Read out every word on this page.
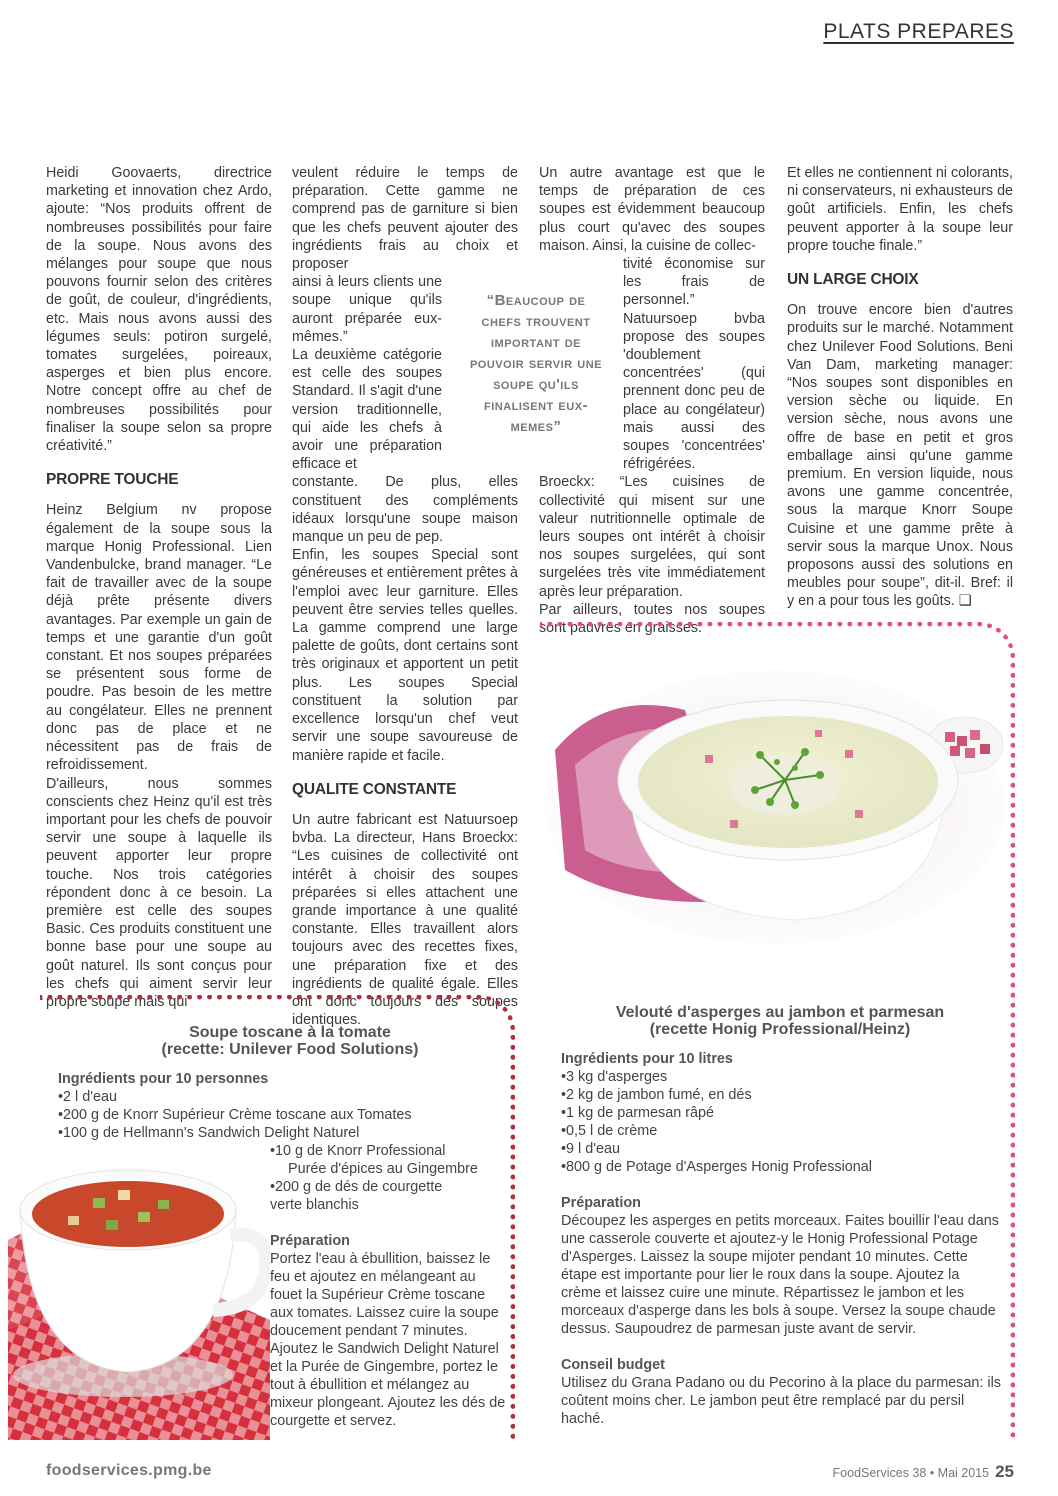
PLATS PREPARES

Heidi Goovaerts, directrice marketing et innovation chez Ardo, ajoute: “Nos produits offrent de nombreuses possibilités pour faire de la soupe. Nous avons des mélanges pour soupe que nous pouvons fournir selon des critères de goût, de couleur, d'ingrédients, etc. Mais nous avons aussi des légumes seuls: potiron surgelé, tomates surgelées, poireaux, asperges et bien plus encore. Notre concept offre au chef de nombreuses possibilités pour finaliser la soupe selon sa propre créativité.”

PROPRE TOUCHE

Heinz Belgium nv propose également de la soupe sous la marque Honig Professional. Lien Vandenbulcke, brand manager. “Le fait de travailler avec de la soupe déjà prête présente divers avantages. Par exemple un gain de temps et une garantie d'un goût constant. Et nos soupes préparées se présentent sous forme de poudre. Pas besoin de les mettre au congélateur. Elles ne prennent donc pas de place et ne nécessitent pas de frais de refroidissement.

D'ailleurs, nous sommes conscients chez Heinz qu'il est très important pour les chefs de pouvoir servir une soupe à laquelle ils peuvent apporter leur propre touche. Nos trois catégories répondent donc à ce besoin. La première est celle des soupes Basic. Ces produits constituent une bonne base pour une soupe au goût naturel. Ils sont conçus pour les chefs qui aiment servir leur propre soupe mais qui

veulent réduire le temps de préparation. Cette gamme ne comprend pas de garniture si bien que les chefs peuvent ajouter des ingrédients frais au choix et proposer

ainsi à leurs clients une soupe unique qu'ils auront préparée eux-mêmes.”

La deuxième catégorie est celle des soupes Standard. Il s'agit d'une version traditionnelle, qui aide les chefs à avoir une préparation efficace et

constante. De plus, elles constituent des compléments idéaux lorsqu'une soupe maison manque un peu de pep.

Enfin, les soupes Special sont généreuses et entièrement prêtes à l'emploi avec leur garniture. Elles peuvent être servies telles quelles. La gamme comprend une large palette de goûts, dont certains sont très originaux et apportent un petit plus. Les soupes Special constituent la solution par excellence lorsqu'un chef veut servir une soupe savoureuse de manière rapide et facile.

QUALITE CONSTANTE

Un autre fabricant est Natuursoep bvba. La directeur, Hans Broeckx: “Les cuisines de collectivité ont intérêt à choisir des soupes préparées si elles attachent une grande importance à une qualité constante. Elles travaillent alors toujours avec des recettes fixes, une préparation fixe et des ingrédients de qualité égale. Elles ont donc toujours des soupes identiques.

“Beaucoup de chefs trouvent important de pouvoir servir une soupe qu'ils finalisent eux-memes”

Un autre avantage est que le temps de préparation de ces soupes est évidemment beaucoup plus court qu'avec des soupes maison. Ainsi, la cuisine de collec-

tivité économise sur les frais de personnel.”

Natuursoep bvba propose des soupes 'doublement concentrées' (qui prennent donc peu de place au congélateur) mais aussi des soupes 'concentrées' réfrigérées.

Broeckx: “Les cuisines de collectivité qui misent sur une valeur nutritionnelle optimale de leurs soupes ont intérêt à choisir nos soupes surgelées, qui sont surgelées très vite immédiatement après leur préparation.

Par ailleurs, toutes nos soupes sont pauvres en graisses.

Et elles ne contiennent ni colorants, ni conservateurs, ni exhausteurs de goût artificiels. Enfin, les chefs peuvent apporter à la soupe leur propre touche finale.”

UN LARGE CHOIX

On trouve encore bien d'autres produits sur le marché. Notamment chez Unilever Food Solutions. Beni Van Dam, marketing manager: “Nos soupes sont disponibles en version sèche ou liquide. En version sèche, nous avons une offre de base en petit et gros emballage ainsi qu'une gamme premium. En version liquide, nous avons une gamme concentrée, sous la marque Knorr Soupe Cuisine et une gamme prête à servir sous la marque Unox. Nous proposons aussi des solutions en meubles pour soupe”, dit-il. Bref: il y en a pour tous les goûts. ❑

Velouté d'asperges au jambon et parmesan
(recette Honig Professional/Heinz)
Ingrédients pour 10 litres
•3 kg d'asperges
•2 kg de jambon fumé, en dés
•1 kg de parmesan râpé
•0,5 l de crème
•9 l d'eau
•800 g de Potage d'Asperges Honig Professional
Préparation
Découpez les asperges en petits morceaux. Faites bouillir l'eau dans une casserole couverte et ajoutez-y le Honig Professional Potage d'Asperges. Laissez la soupe mijoter pendant 10 minutes. Cette étape est importante pour lier le roux dans la soupe. Ajoutez la crème et laissez cuire une minute. Répartissez le jambon et les morceaux d'asperge dans les bols à soupe. Versez la soupe chaude dessus. Saupoudrez de parmesan juste avant de servir.
Conseil budget
Utilisez du Grana Padano ou du Pecorino à la place du parmesan: ils coûtent moins cher. Le jambon peut être remplacé par du persil haché.
Soupe toscane à la tomate
(recette: Unilever Food Solutions)
Ingrédients pour 10 personnes
•2 l d'eau
•200 g de Knorr Supérieur Crème toscane aux Tomates
•100 g de Hellmann's Sandwich Delight Naturel
•10 g de Knorr Professional
Purée d'épices au Gingembre
•200 g de dés de courgette
verte blanchis
Préparation
Portez l'eau à ébullition, baissez le feu et ajoutez en mélangeant au fouet la Supérieur Crème toscane aux tomates. Laissez cuire la soupe doucement pendant 7 minutes. Ajoutez le Sandwich Delight Naturel et la Purée de Gingembre, portez le tout à ébullition et mélangez au mixeur plongeant. Ajoutez les dés de courgette et servez.
foodservices.pmg.be	FoodServices 38 • Mai 2015 25
